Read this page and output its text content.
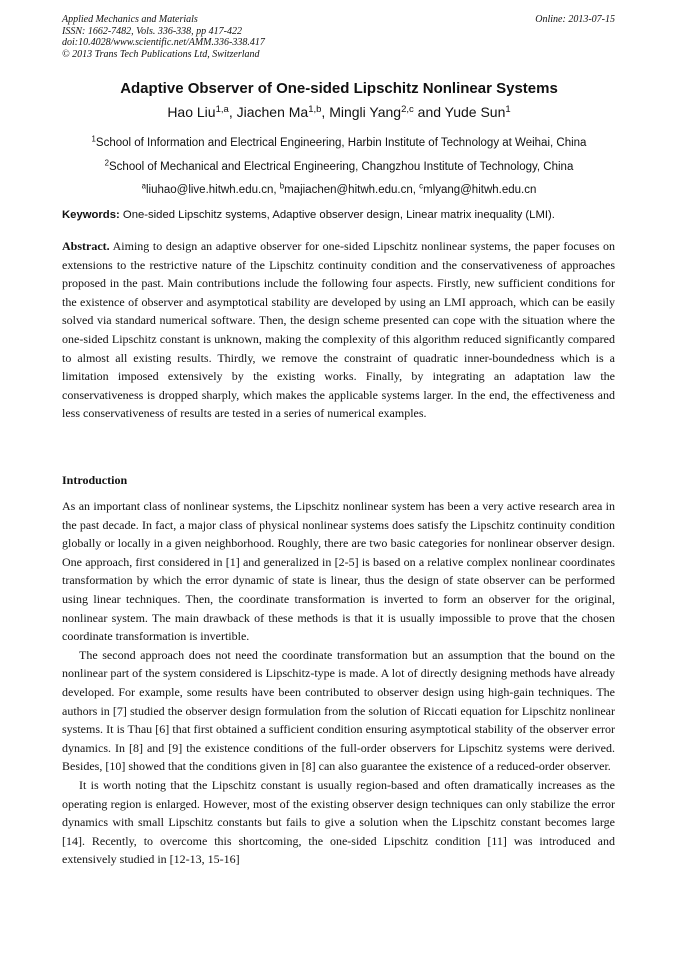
Applied Mechanics and Materials
ISSN: 1662-7482, Vols. 336-338, pp 417-422
doi:10.4028/www.scientific.net/AMM.336-338.417
© 2013 Trans Tech Publications Ltd, Switzerland
Online: 2013-07-15
Adaptive Observer of One-sided Lipschitz Nonlinear Systems
Hao Liu$^{1,a}$, Jiachen Ma$^{1,b}$, Mingli Yang$^{2,c}$ and Yude Sun$^1$
$^1$School of Information and Electrical Engineering, Harbin Institute of Technology at Weihai, China
$^2$School of Mechanical and Electrical Engineering, Changzhou Institute of Technology, China
$^a$liuhao@live.hitwh.edu.cn, $^b$majiachen@hitwh.edu.cn, $^c$mlyang@hitwh.edu.cn
Keywords: One-sided Lipschitz systems, Adaptive observer design, Linear matrix inequality (LMI).
Abstract. Aiming to design an adaptive observer for one-sided Lipschitz nonlinear systems, the paper focuses on extensions to the restrictive nature of the Lipschitz continuity condition and the conservativeness of approaches proposed in the past. Main contributions include the following four aspects. Firstly, new sufficient conditions for the existence of observer and asymptotical stability are developed by using an LMI approach, which can be easily solved via standard numerical software. Then, the design scheme presented can cope with the situation where the one-sided Lipschitz constant is unknown, making the complexity of this algorithm reduced significantly compared to almost all existing results. Thirdly, we remove the constraint of quadratic inner-boundedness which is a limitation imposed extensively by the existing works. Finally, by integrating an adaptation law the conservativeness is dropped sharply, which makes the applicable systems larger. In the end, the effectiveness and less conservativeness of results are tested in a series of numerical examples.
Introduction

As an important class of nonlinear systems, the Lipschitz nonlinear system has been a very active research area in the past decade. In fact, a major class of physical nonlinear systems does satisfy the Lipschitz continuity condition globally or locally in a given neighborhood. Roughly, there are two basic categories for nonlinear observer design. One approach, first considered in [1] and generalized in [2-5] is based on a relative complex nonlinear coordinates transformation by which the error dynamic of state is linear, thus the design of state observer can be performed using linear techniques. Then, the coordinate transformation is inverted to form an observer for the original, nonlinear system. The main drawback of these methods is that it is usually impossible to prove that the chosen coordinate transformation is invertible.

The second approach does not need the coordinate transformation but an assumption that the bound on the nonlinear part of the system considered is Lipschitz-type is made. A lot of directly designing methods have already developed. For example, some results have been contributed to observer design using high-gain techniques. The authors in [7] studied the observer design formulation from the solution of Riccati equation for Lipschitz nonlinear systems. It is Thau [6] that first obtained a sufficient condition ensuring asymptotical stability of the observer error dynamics. In [8] and [9] the existence conditions of the full-order observers for Lipschitz systems were derived. Besides, [10] showed that the conditions given in [8] can also guarantee the existence of a reduced-order observer.

It is worth noting that the Lipschitz constant is usually region-based and often dramatically increases as the operating region is enlarged. However, most of the existing observer design techniques can only stabilize the error dynamics with small Lipschitz constants but fails to give a solution when the Lipschitz constant becomes large [14]. Recently, to overcome this shortcoming, the one-sided Lipschitz condition [11] was introduced and extensively studied in [12-13, 15-16]
